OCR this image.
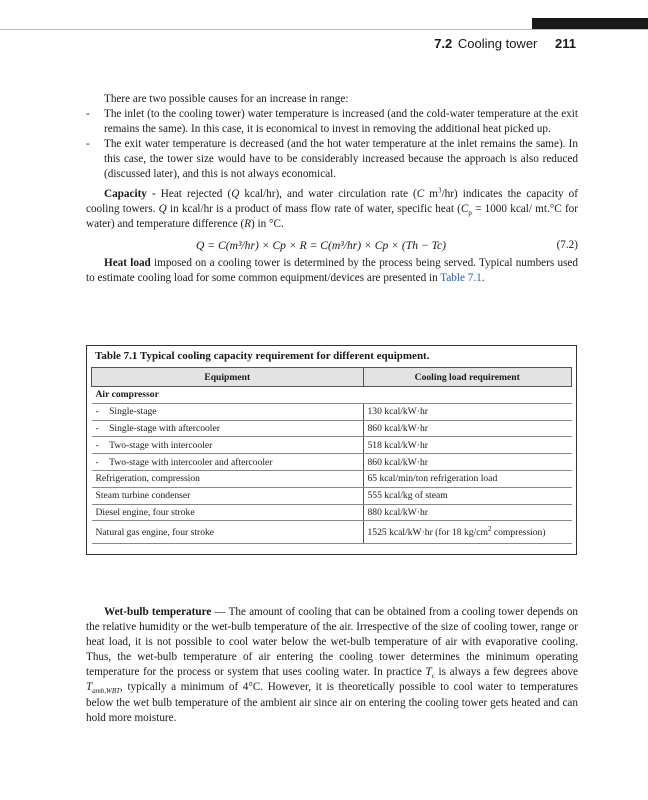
7.2 Cooling tower 211

There are two possible causes for an increase in range:

- The inlet (to the cooling tower) water temperature is increased (and the cold-water temperature at the exit remains the same). In this case, it is economical to invest in removing the additional heat picked up.
- The exit water temperature is decreased (and the hot water temperature at the inlet remains the same). In this case, the tower size would have to be considerably increased because the approach is also reduced (discussed later), and this is not always economical.

Capacity - Heat rejected (Q kcal/hr), and water circulation rate (C $m^3/hr$) indicates the capacity of cooling towers. Q in kcal/hr is a product of mass flow rate of water, specific heat ($C_p = 1000$ kcal/ mt.°C for water) and temperature difference (R) in °C.

Q = C(m³/hr) × Cp × R = C(m³/hr) × Cp × (Th − Tc)	(7.2)

Heat load imposed on a cooling tower is determined by the process being served. Typical numbers used to estimate cooling load for some common equipment/devices are presented in Table 7.1.

Table 7.1 Typical cooling capacity requirement for different equipment.
Equipment	Cooling load requirement
Air compressor	
- Single-stage	130 kcal/kW·hr
- Single-stage with aftercooler	860 kcal/kW·hr
- Two-stage with intercooler	518 kcal/kW·hr
- Two-stage with intercooler and aftercooler	860 kcal/kW·hr
Refrigeration, compression	65 kcal/min/ton refrigeration load
Steam turbine condenser	555 kcal/kg of steam
Diesel engine, four stroke	880 kcal/kW·hr
Natural gas engine, four stroke	1525 kcal/kW·hr (for 18 $kg/cm^2$ compression)

Wet-bulb temperature — The amount of cooling that can be obtained from a cooling tower depends on the relative humidity or the wet-bulb temperature of the air. Irrespective of the size of cooling tower, range or heat load, it is not possible to cool water below the wet-bulb temperature of air with evaporative cooling. Thus, the wet-bulb temperature of air entering the cooling tower determines the minimum operating temperature for the process or system that uses cooling water. In practice $T_c$ is always a few degrees above $T_{amb,WBT}$, typically a minimum of 4°C. However, it is theoretically possible to cool water to temperatures below the wet bulb temperature of the ambient air since air on entering the cooling tower gets heated and can hold more moisture.
